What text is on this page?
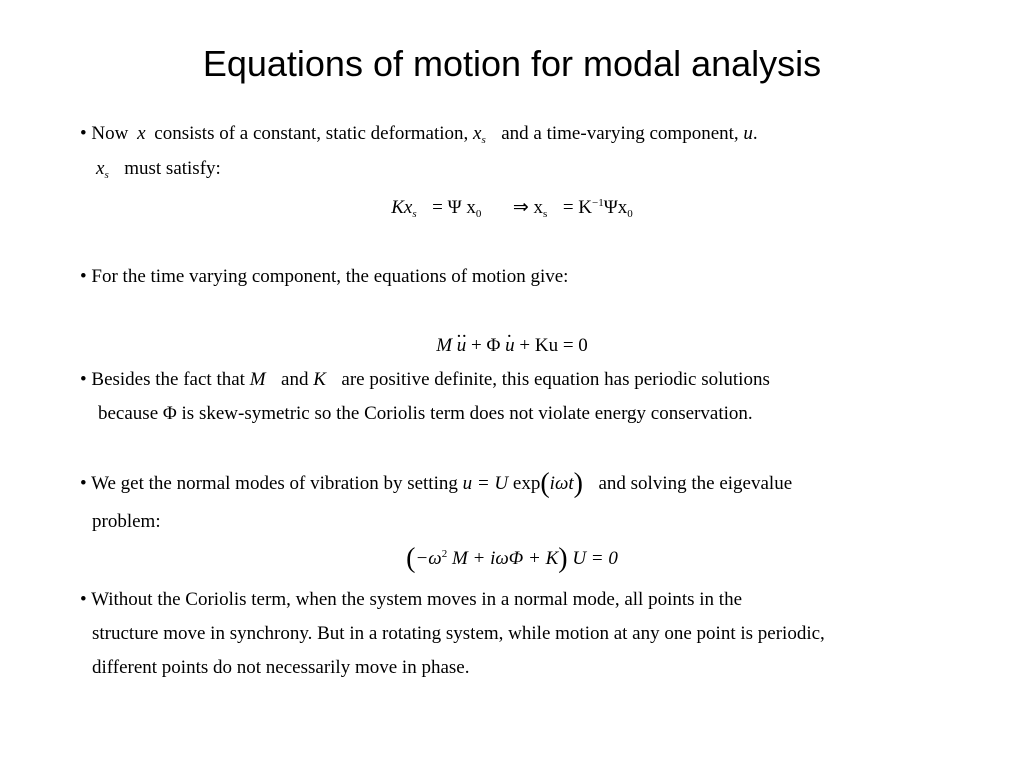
Equations of motion for modal analysis
• Now x consists of a constant, static deformation, $x_s$ and a time-varying component, u.
$x_s$ must satisfy:
$Kx_s = \Psi$ $x_0$ ⇒ $x_s = K^{-1}\Psi x_0$
• For the time varying component, the equations of motion give:
M ·· u + Φ · u + Ku = 0
• Besides the fact that M and K are positive definite, this equation has periodic solutions
because Φ is skew-symetric so the Coriolis term does not violate energy conservation.
• We get the normal modes of vibration by setting u = U exp(iωt) and solving the eigevalue
problem:
($-\omega^2$ M + iωΦ + K) U = 0
• Without the Coriolis term, when the system moves in a normal mode, all points in the
structure move in synchrony. But in a rotating system, while motion at any one point is periodic,
different points do not necessarily move in phase.
